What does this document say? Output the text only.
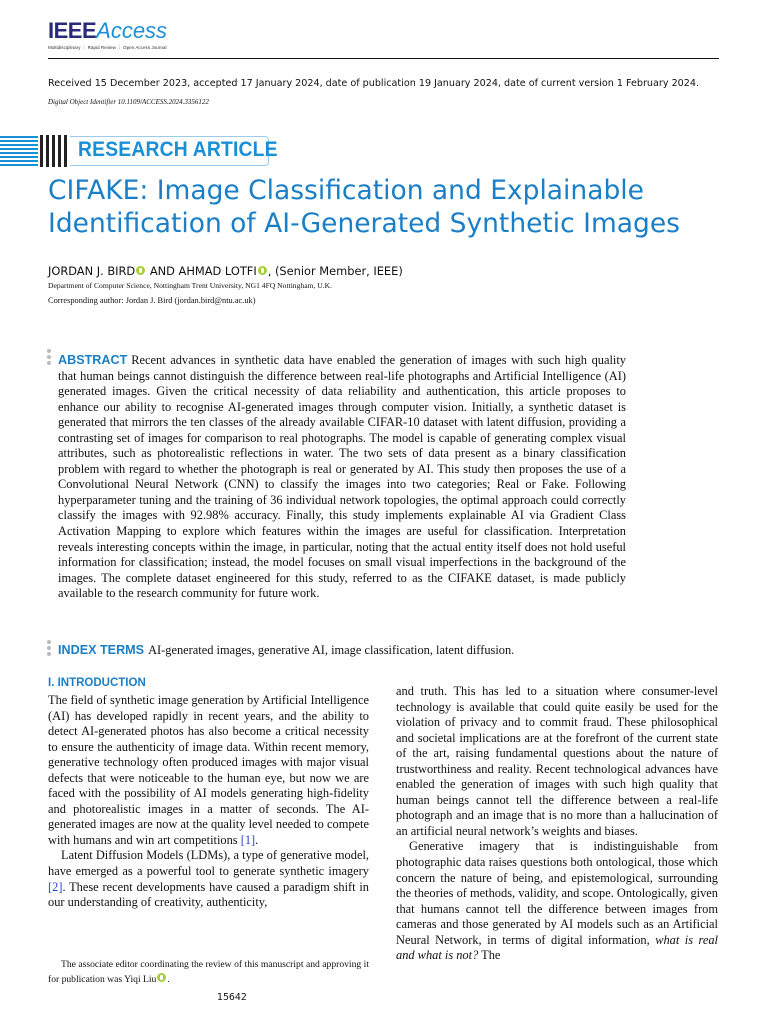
IEEEAccess
Multidisciplinary ⋮ Rapid Review ⋮ Open Access Journal
Received 15 December 2023, accepted 17 January 2024, date of publication 19 January 2024, date of current version 1 February 2024.
Digital Object Identifier 10.1109/ACCESS.2024.3356122
RESEARCH ARTICLE
CIFAKE: Image Classification and Explainable
Identification of AI-Generated Synthetic Images
JORDAN J. BIRD AND AHMAD LOTFI , (Senior Member, IEEE)
Department of Computer Science, Nottingham Trent University, NG1 4FQ Nottingham, U.K.
Corresponding author: Jordan J. Bird (jordan.bird@ntu.ac.uk)
ABSTRACT Recent advances in synthetic data have enabled the generation of images with such high quality that human beings cannot distinguish the difference between real-life photographs and Artificial Intelligence (AI) generated images. Given the critical necessity of data reliability and authentication, this article proposes to enhance our ability to recognise AI-generated images through computer vision. Initially, a synthetic dataset is generated that mirrors the ten classes of the already available CIFAR-10 dataset with latent diffusion, providing a contrasting set of images for comparison to real photographs. The model is capable of generating complex visual attributes, such as photorealistic reflections in water. The two sets of data present as a binary classification problem with regard to whether the photograph is real or generated by AI. This study then proposes the use of a Convolutional Neural Network (CNN) to classify the images into two categories; Real or Fake. Following hyperparameter tuning and the training of 36 individual network topologies, the optimal approach could correctly classify the images with 92.98% accuracy. Finally, this study implements explainable AI via Gradient Class Activation Mapping to explore which features within the images are useful for classification. Interpretation reveals interesting concepts within the image, in particular, noting that the actual entity itself does not hold useful information for classification; instead, the model focuses on small visual imperfections in the background of the images. The complete dataset engineered for this study, referred to as the CIFAKE dataset, is made publicly available to the research community for future work.
INDEX TERMS AI-generated images, generative AI, image classification, latent diffusion.
I. INTRODUCTION

The field of synthetic image generation by Artificial Intelligence (AI) has developed rapidly in recent years, and the ability to detect AI-generated photos has also become a critical necessity to ensure the authenticity of image data. Within recent memory, generative technology often produced images with major visual defects that were noticeable to the human eye, but now we are faced with the possibility of AI models generating high-fidelity and photorealistic images in a matter of seconds. The AI-generated images are now at the quality level needed to compete with humans and win art competitions [1].

Latent Diffusion Models (LDMs), a type of generative model, have emerged as a powerful tool to generate synthetic imagery [2]. These recent developments have caused a paradigm shift in our understanding of creativity, authenticity,

and truth. This has led to a situation where consumer-level technology is available that could quite easily be used for the violation of privacy and to commit fraud. These philosophical and societal implications are at the forefront of the current state of the art, raising fundamental questions about the nature of trustworthiness and reality. Recent technological advances have enabled the generation of images with such high quality that human beings cannot tell the difference between a real-life photograph and an image that is no more than a hallucination of an artificial neural network’s weights and biases.

Generative imagery that is indistinguishable from photographic data raises questions both ontological, those which concern the nature of being, and epistemological, surrounding the theories of methods, validity, and scope. Ontologically, given that humans cannot tell the difference between images from cameras and those generated by AI models such as an Artificial Neural Network, in terms of digital information, what is real and what is not? The

The associate editor coordinating the review of this manuscript and approving it for publication was Yiqi Liu .
15642
